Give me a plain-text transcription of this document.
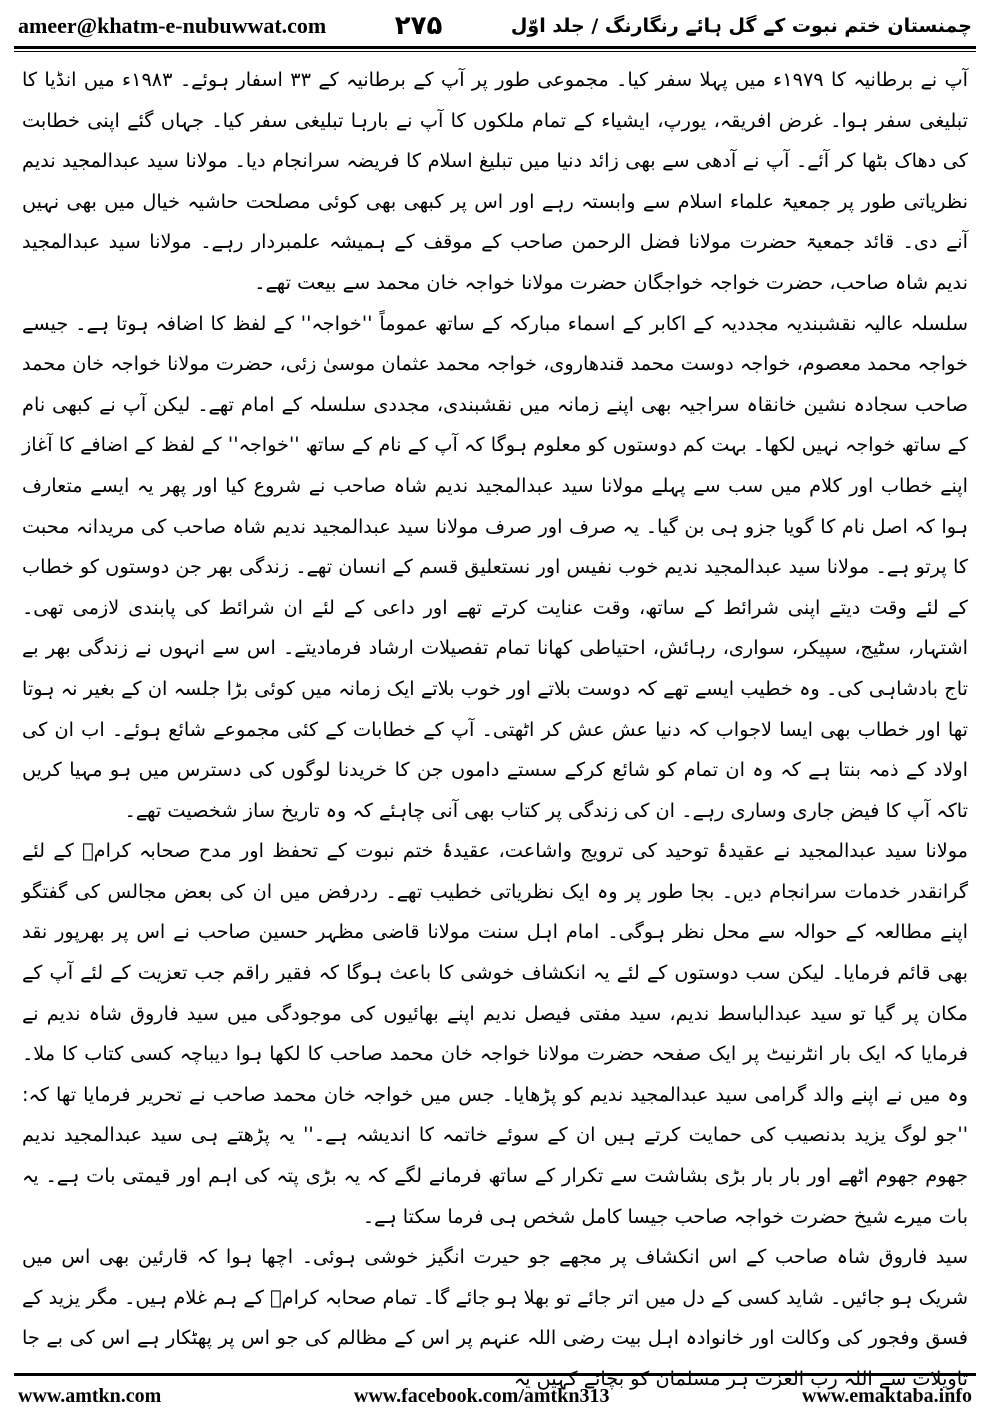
ameer@khatm-e-nubuwwat.com	۲۷۵	چمنستان ختم نبوت کے گل ہائے رنگارنگ / جلد اوّل

آپ نے برطانیہ کا ۱۹۷۹ء میں پہلا سفر کیا۔ مجموعی طور پر آپ کے برطانیہ کے ۳۳ اسفار ہوئے۔ ۱۹۸۳ء میں انڈیا کا تبلیغی سفر ہوا۔ غرض افریقہ، یورپ، ایشیاء کے تمام ملکوں کا آپ نے بارہا تبلیغی سفر کیا۔ جہاں گئے اپنی خطابت کی دھاک بٹھا کر آئے۔ آپ نے آدھی سے بھی زائد دنیا میں تبلیغ اسلام کا فریضہ سرانجام دیا۔ مولانا سید عبدالمجید ندیم نظریاتی طور پر جمعیۃ علماء اسلام سے وابستہ رہے اور اس پر کبھی بھی کوئی مصلحت حاشیہ خیال میں بھی نہیں آنے دی۔ قائد جمعیۃ حضرت مولانا فضل الرحمن صاحب کے موقف کے ہمیشہ علمبردار رہے۔ مولانا سید عبدالمجید ندیم شاہ صاحب، حضرت خواجہ خواجگان حضرت مولانا خواجہ خان محمد سے بیعت تھے۔

سلسلہ عالیہ نقشبندیہ مجددیہ کے اکابر کے اسماء مبارکہ کے ساتھ عموماً ''خواجہ'' کے لفظ کا اضافہ ہوتا ہے۔ جیسے خواجہ محمد معصوم، خواجہ دوست محمد قندھاروی، خواجہ محمد عثمان موسیٰ زئی، حضرت مولانا خواجہ خان محمد صاحب سجادہ نشین خانقاہ سراجیہ بھی اپنے زمانہ میں نقشبندی، مجددی سلسلہ کے امام تھے۔ لیکن آپ نے کبھی نام کے ساتھ خواجہ نہیں لکھا۔ بہت کم دوستوں کو معلوم ہوگا کہ آپ کے نام کے ساتھ ''خواجہ'' کے لفظ کے اضافے کا آغاز اپنے خطاب اور کلام میں سب سے پہلے مولانا سید عبدالمجید ندیم شاہ صاحب نے شروع کیا اور پھر یہ ایسے متعارف ہوا کہ اصل نام کا گویا جزو ہی بن گیا۔ یہ صرف اور صرف مولانا سید عبدالمجید ندیم شاہ صاحب کی مریدانہ محبت کا پرتو ہے۔ مولانا سید عبدالمجید ندیم خوب نفیس اور نستعلیق قسم کے انسان تھے۔ زندگی بھر جن دوستوں کو خطاب کے لئے وقت دیتے اپنی شرائط کے ساتھ، وقت عنایت کرتے تھے اور داعی کے لئے ان شرائط کی پابندی لازمی تھی۔ اشتہار، سٹیج، سپیکر، سواری، رہائش، احتیاطی کھانا تمام تفصیلات ارشاد فرمادیتے۔ اس سے انہوں نے زندگی بھر بے تاج بادشاہی کی۔ وہ خطیب ایسے تھے کہ دوست بلاتے اور خوب بلاتے ایک زمانہ میں کوئی بڑا جلسہ ان کے بغیر نہ ہوتا تھا اور خطاب بھی ایسا لاجواب کہ دنیا عش عش کر اٹھتی۔ آپ کے خطابات کے کئی مجموعے شائع ہوئے۔ اب ان کی اولاد کے ذمہ بنتا ہے کہ وہ ان تمام کو شائع کرکے سستے داموں جن کا خریدنا لوگوں کی دسترس میں ہو مہیا کریں تاکہ آپ کا فیض جاری وساری رہے۔ ان کی زندگی پر کتاب بھی آنی چاہئے کہ وہ تاریخ ساز شخصیت تھے۔

مولانا سید عبدالمجید نے عقیدۂ توحید کی ترویج واشاعت، عقیدۂ ختم نبوت کے تحفظ اور مدح صحابہ کرامؓ کے لئے گرانقدر خدمات سرانجام دیں۔ بجا طور پر وہ ایک نظریاتی خطیب تھے۔ ردرفض میں ان کی بعض مجالس کی گفتگو اپنے مطالعہ کے حوالہ سے محل نظر ہوگی۔ امام اہل سنت مولانا قاضی مظہر حسین صاحب نے اس پر بھرپور نقد بھی قائم فرمایا۔ لیکن سب دوستوں کے لئے یہ انکشاف خوشی کا باعث ہوگا کہ فقیر راقم جب تعزیت کے لئے آپ کے مکان پر گیا تو سید عبدالباسط ندیم، سید مفتی فیصل ندیم اپنے بھائیوں کی موجودگی میں سید فاروق شاہ ندیم نے فرمایا کہ ایک بار انٹرنیٹ پر ایک صفحہ حضرت مولانا خواجہ خان محمد صاحب کا لکھا ہوا دیباچہ کسی کتاب کا ملا۔ وہ میں نے اپنے والد گرامی سید عبدالمجید ندیم کو پڑھایا۔ جس میں خواجہ خان محمد صاحب نے تحریر فرمایا تھا کہ: ''جو لوگ یزید بدنصیب کی حمایت کرتے ہیں ان کے سوئے خاتمہ کا اندیشہ ہے۔'' یہ پڑھتے ہی سید عبدالمجید ندیم جھوم جھوم اٹھے اور بار بار بڑی بشاشت سے تکرار کے ساتھ فرمانے لگے کہ یہ بڑی پتہ کی اہم اور قیمتی بات ہے۔ یہ بات میرے شیخ حضرت خواجہ صاحب جیسا کامل شخص ہی فرما سکتا ہے۔

سید فاروق شاہ صاحب کے اس انکشاف پر مجھے جو حیرت انگیز خوشی ہوئی۔ اچھا ہوا کہ قارئین بھی اس میں شریک ہو جائیں۔ شاید کسی کے دل میں اتر جائے تو بھلا ہو جائے گا۔ تمام صحابہ کرامؓ کے ہم غلام ہیں۔ مگر یزید کے فسق وفجور کی وکالت اور خانوادہ اہل بیت رضی اللہ عنہم پر اس کے مظالم کی جو اس پر پھٹکار ہے اس کی بے جا تاویلات سے اللہ رب العزت ہر مسلمان کو بچائے کہیں یہ

www.amtkn.com	www.facebook.com/amtkn313	www.emaktaba.info
